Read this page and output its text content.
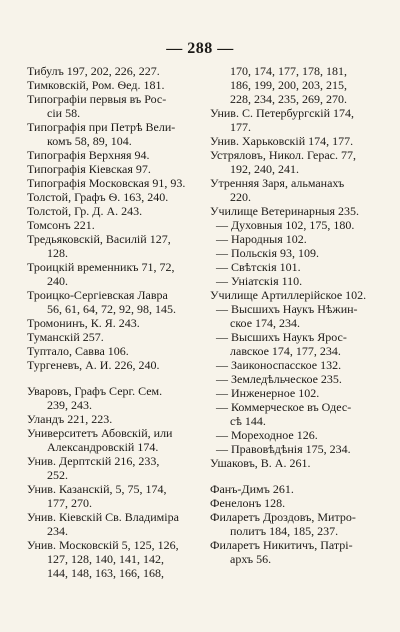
— 288 —
Тибулъ 197, 202, 226, 227.
Тимковскій, Ром. Ѳед. 181.
Типографіи первыя въ Рос-
сіи 58.
Типографія при Петрѣ Вели-
комъ 58, 89, 104.
Типографія Верхняя 94.
Типографія Кіевская 97.
Типографія Московская 91, 93.
Толстой, Графъ Ѳ. 163, 240.
Толстой, Гр. Д. А. 243.
Томсонъ 221.
Тредьяковскій, Василій 127,
128.
Троицкій временникъ 71, 72,
240.
Троицко-Сергіевская Лавра
56, 61, 64, 72, 92, 98, 145.
Тромонинъ, К. Я. 243.
Туманскій 257.
Тупталo, Савва 106.
Тургеневъ, А. И. 226, 240.
Уваровъ, Графъ Серг. Сем.
239, 243.
Уландъ 221, 223.
Университетъ Абовскій, или
Александровскій 174.
Унив. Дерптскій 216, 233,
252.
Унив. Казанскій, 5, 75, 174,
177, 270.
Унив. Кіевскій Св. Владиміра
234.
Унив. Московскій 5, 125, 126,
127, 128, 140, 141, 142,
144, 148, 163, 166, 168,
170, 174, 177, 178, 181,
186, 199, 200, 203, 215,
228, 234, 235, 269, 270.
Унив. С. Петербургскій 174,
177.
Унив. Харьковскій 174, 177.
Устряловъ, Никол. Герас. 77,
192, 240, 241.
Утренняя Заря, альманахъ
220.
Училище Ветеринарныя 235.
— Духовныя 102, 175, 180.
— Народныя 102.
— Польскія 93, 109.
— Свѣтскія 101.
— Уніатскія 110.
Училище Артиллерійское 102.
— Высшихъ Наукъ Нѣжин-
ское 174, 234.
— Высшихъ Наукъ Ярос-
лавское 174, 177, 234.
— Заиконоспасское 132.
— Земледѣльческое 235.
— Инженерное 102.
— Коммерческое въ Одес-
сѣ 144.
— Мореходное 126.
— Правовѣдѣнія 175, 234.
Ушаковъ, В. А. 261.
Фанъ-Димъ 261.
Фенелонъ 128.
Филаретъ Дроздовъ, Митро-
политъ 184, 185, 237.
Филаретъ Никитичъ, Патрі-
архъ 56.
